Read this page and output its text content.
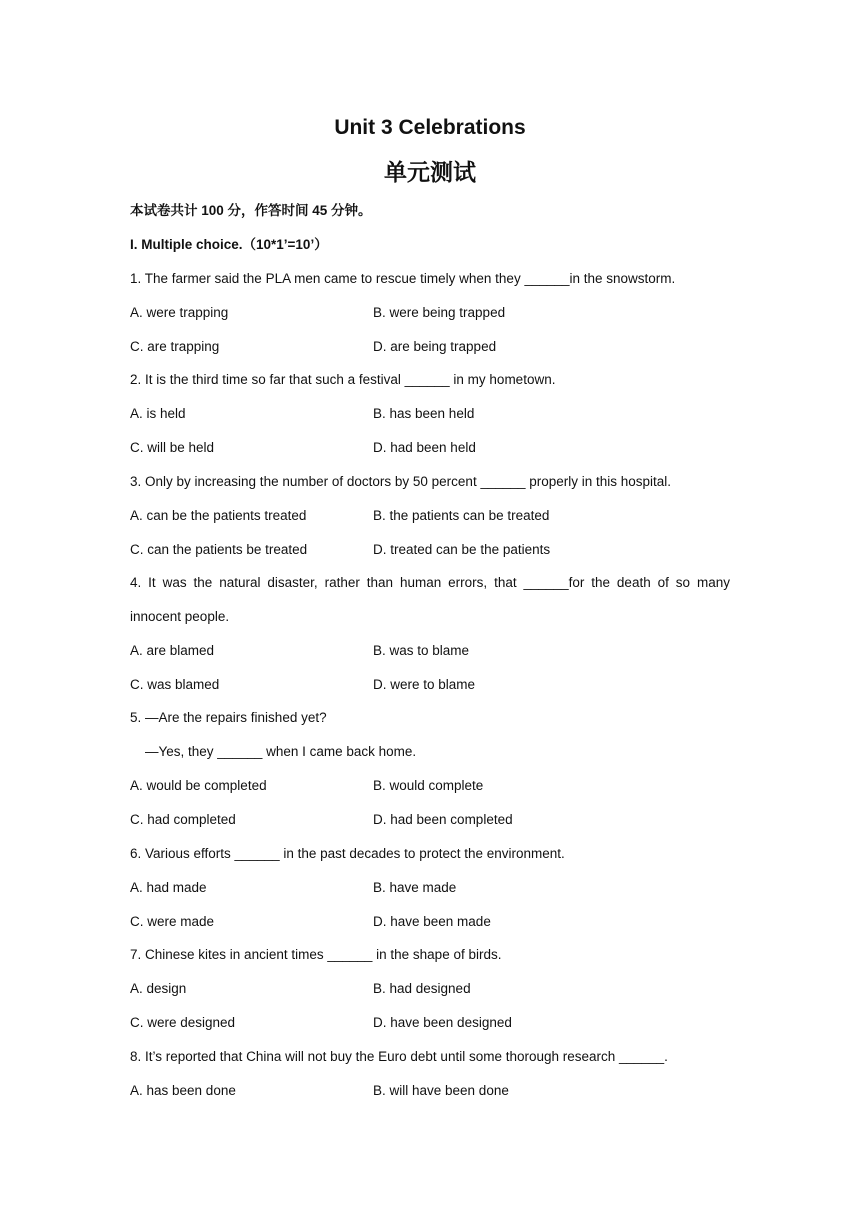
Unit 3 Celebrations
单元测试
本试卷共计 100 分，作答时间 45 分钟。
I. Multiple choice.（10*1’=10’）
1. The farmer said the PLA men came to rescue timely when they ______in the snowstorm.
A. were trapping	B. were being trapped
C. are trapping	D. are being trapped
2. It is the third time so far that such a festival ______ in my hometown.
A. is held	B. has been held
C. will be held	D. had been held
3. Only by increasing the number of doctors by 50 percent ______ properly in this hospital.
A. can be the patients treated	B. the patients can be treated
C. can the patients be treated	D. treated can be the patients
4. It was the natural disaster, rather than human errors, that ______for the death of so many
innocent people.
A. are blamed	B. was to blame
C. was blamed	D. were to blame
5. —Are the repairs finished yet?
—Yes, they ______ when I came back home.
A. would be completed	B. would complete
C. had completed	D. had been completed
6. Various efforts ______ in the past decades to protect the environment.
A. had made	B. have made
C. were made	D. have been made
7. Chinese kites in ancient times ______ in the shape of birds.
A. design	B. had designed
C. were designed	D. have been designed
8. It’s reported that China will not buy the Euro debt until some thorough research ______.
A. has been done	B. will have been done
